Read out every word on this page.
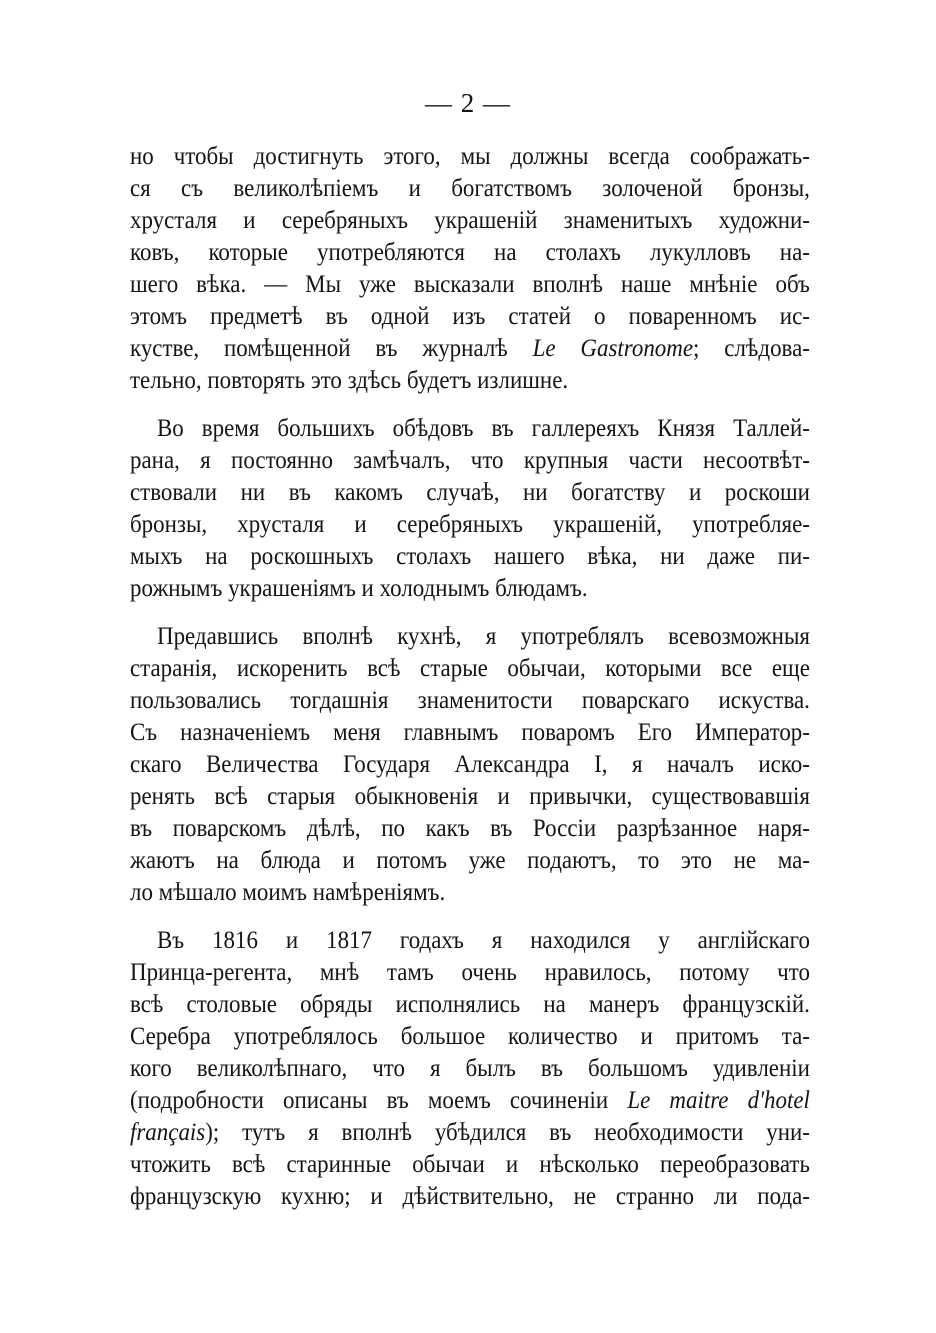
— 2 —
но чтобы достигнуть этого, мы должны всегда соображать-
ся съ великолѣпіемъ и богатствомъ золоченой бронзы,
хрусталя и серебряныхъ украшеній знаменитыхъ художни-
ковъ, которые употребляются на столахъ лукулловъ на-
шего вѣка. — Мы уже высказали вполнѣ наше мнѣніе объ
этомъ предметѣ въ одной изъ статей о поваренномъ ис-
кустве, помѣщенной въ журналѣ Le Gastronome; слѣдова-
тельно, повторять это здѣсь будетъ излишне.
Во время большихъ обѣдовъ въ галлереяхъ Князя Таллей-
рана, я постоянно замѣчалъ, что крупныя части несоотвѣт-
ствовали ни въ какомъ случаѣ, ни богатству и роскоши
бронзы, хрусталя и серебряныхъ украшеній, употребляе-
мыхъ на роскошныхъ столахъ нашего вѣка, ни даже пи-
рожнымъ украшеніямъ и холоднымъ блюдамъ.
Предавшись вполнѣ кухнѣ, я употреблялъ всевозможныя
старанія, искоренить всѣ старые обычаи, которыми все еще
пользовались тогдашнія знаменитости поварскаго искуства.
Съ назначеніемъ меня главнымъ поваромъ Его Император-
скаго Величества Государя Александра I, я началъ иско-
ренять всѣ старыя обыкновенія и привычки, существовавшія
въ поварскомъ дѣлѣ, по какъ въ Россіи разрѣзанное наря-
жаютъ на блюда и потомъ уже подаютъ, то это не ма-
ло мѣшало моимъ намѣреніямъ.
Въ 1816 и 1817 годахъ я находился у англійскаго
Принца-регента, мнѣ тамъ очень нравилось, потому что
всѣ столовые обряды исполнялись на манеръ французскій.
Серебра употреблялось большое количество и притомъ та-
кого великолѣпнаго, что я былъ въ большомъ удивленіи
(подробности описаны въ моемъ сочиненіи Le maitre d'hotel
français); тутъ я вполнѣ убѣдился въ необходимости уни-
чтожить всѣ старинные обычаи и нѣсколько переобразовать
французскую кухню; и дѣйствительно, не странно ли пода-
